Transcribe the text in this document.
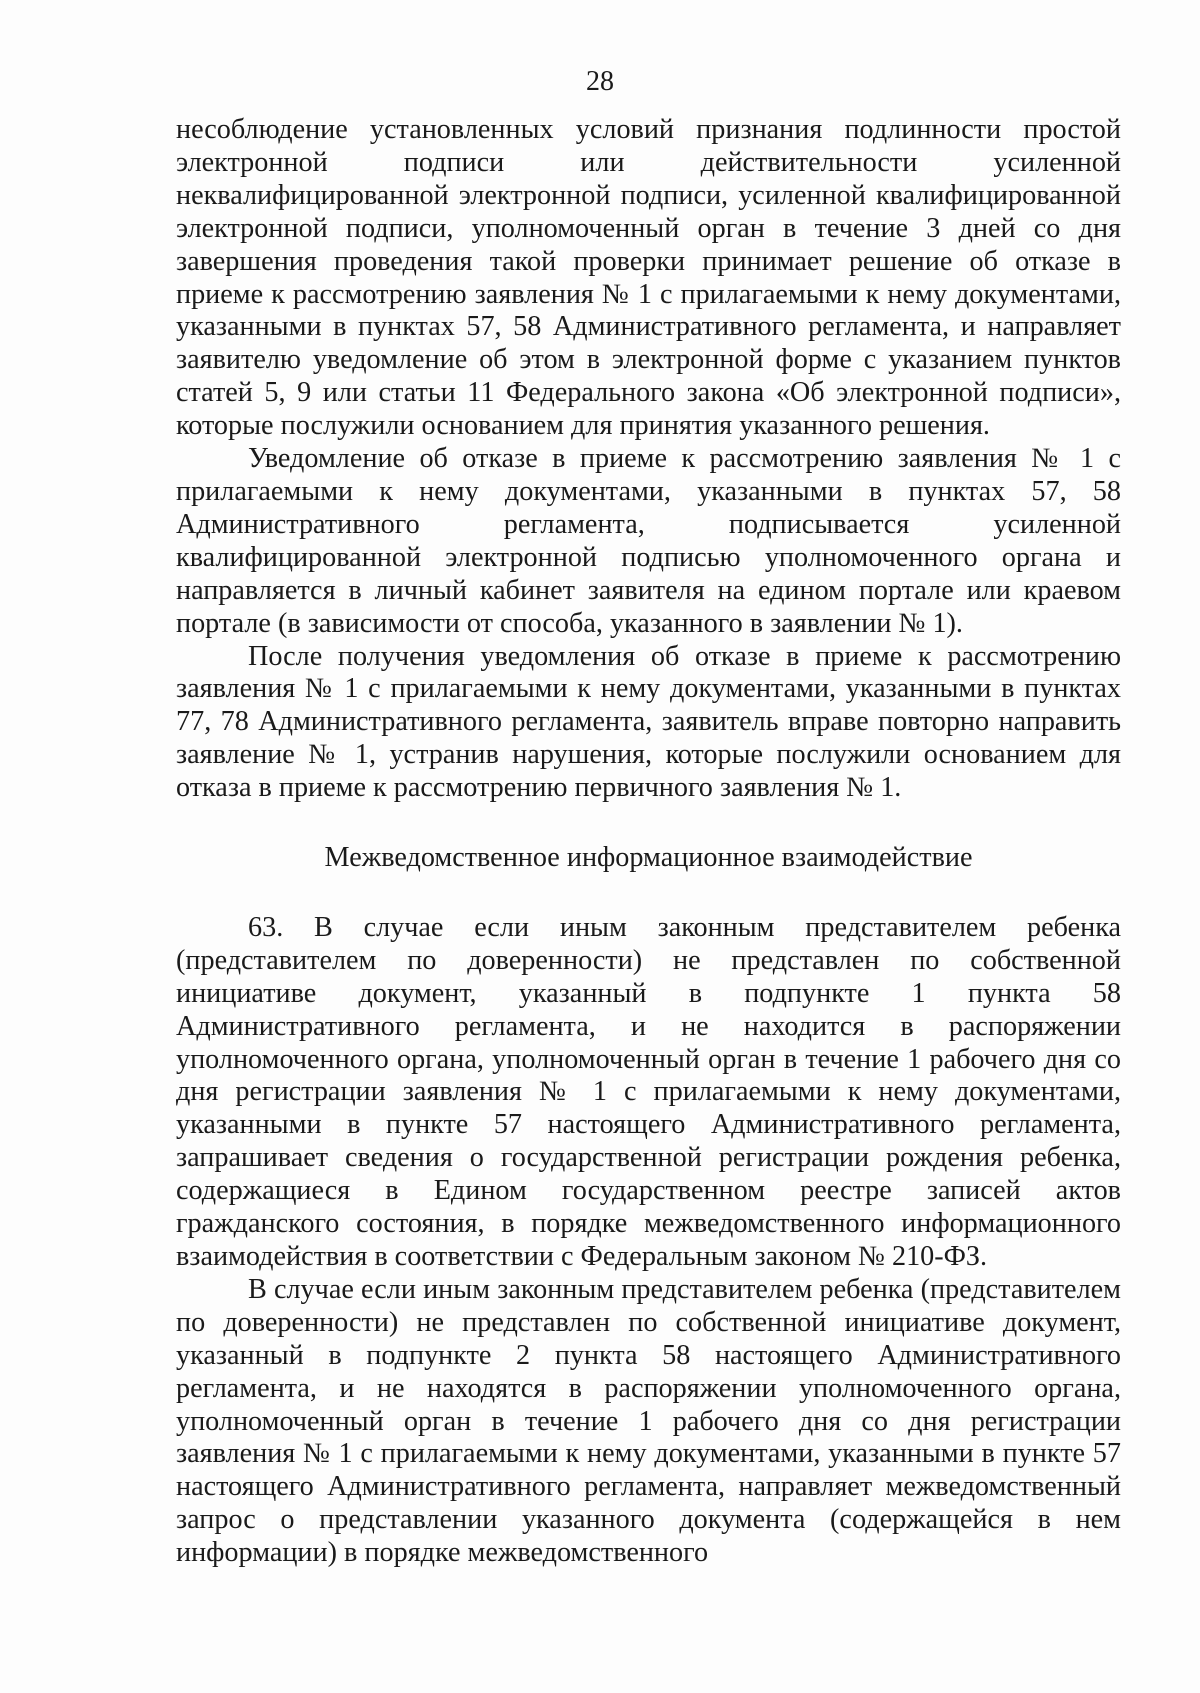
28

несоблюдение установленных условий признания подлинности простой электронной подписи или действительности усиленной неквалифицированной электронной подписи, усиленной квалифицированной электронной подписи, уполномоченный орган в течение 3 дней со дня завершения проведения такой проверки принимает решение об отказе в приеме к рассмотрению заявления № 1 с прилагаемыми к нему документами, указанными в пунктах 57, 58 Административного регламента, и направляет заявителю уведомление об этом в электронной форме с указанием пунктов статей 5, 9 или статьи 11 Федерального закона «Об электронной подписи», которые послужили основанием для принятия указанного решения.

Уведомление об отказе в приеме к рассмотрению заявления № 1 с прилагаемыми к нему документами, указанными в пунктах 57, 58 Административного регламента, подписывается усиленной квалифицированной электронной подписью уполномоченного органа и направляется в личный кабинет заявителя на едином портале или краевом портале (в зависимости от способа, указанного в заявлении № 1).

После получения уведомления об отказе в приеме к рассмотрению заявления № 1 с прилагаемыми к нему документами, указанными в пунктах 77, 78 Административного регламента, заявитель вправе повторно направить заявление № 1, устранив нарушения, которые послужили основанием для отказа в приеме к рассмотрению первичного заявления № 1.

Межведомственное информационное взаимодействие

63. В случае если иным законным представителем ребенка (представителем по доверенности) не представлен по собственной инициативе документ, указанный в подпункте 1 пункта 58 Административного регламента, и не находится в распоряжении уполномоченного органа, уполномоченный орган в течение 1 рабочего дня со дня регистрации заявления № 1 с прилагаемыми к нему документами, указанными в пункте 57 настоящего Административного регламента, запрашивает сведения о государственной регистрации рождения ребенка, содержащиеся в Едином государственном реестре записей актов гражданского состояния, в порядке межведомственного информационного взаимодействия в соответствии с Федеральным законом № 210-ФЗ.

В случае если иным законным представителем ребенка (представителем по доверенности) не представлен по собственной инициативе документ, указанный в подпункте 2 пункта 58 настоящего Административного регламента, и не находятся в распоряжении уполномоченного органа, уполномоченный орган в течение 1 рабочего дня со дня регистрации заявления № 1 с прилагаемыми к нему документами, указанными в пункте 57 настоящего Административного регламента, направляет межведомственный запрос о представлении указанного документа (содержащейся в нем информации) в порядке межведомственного
